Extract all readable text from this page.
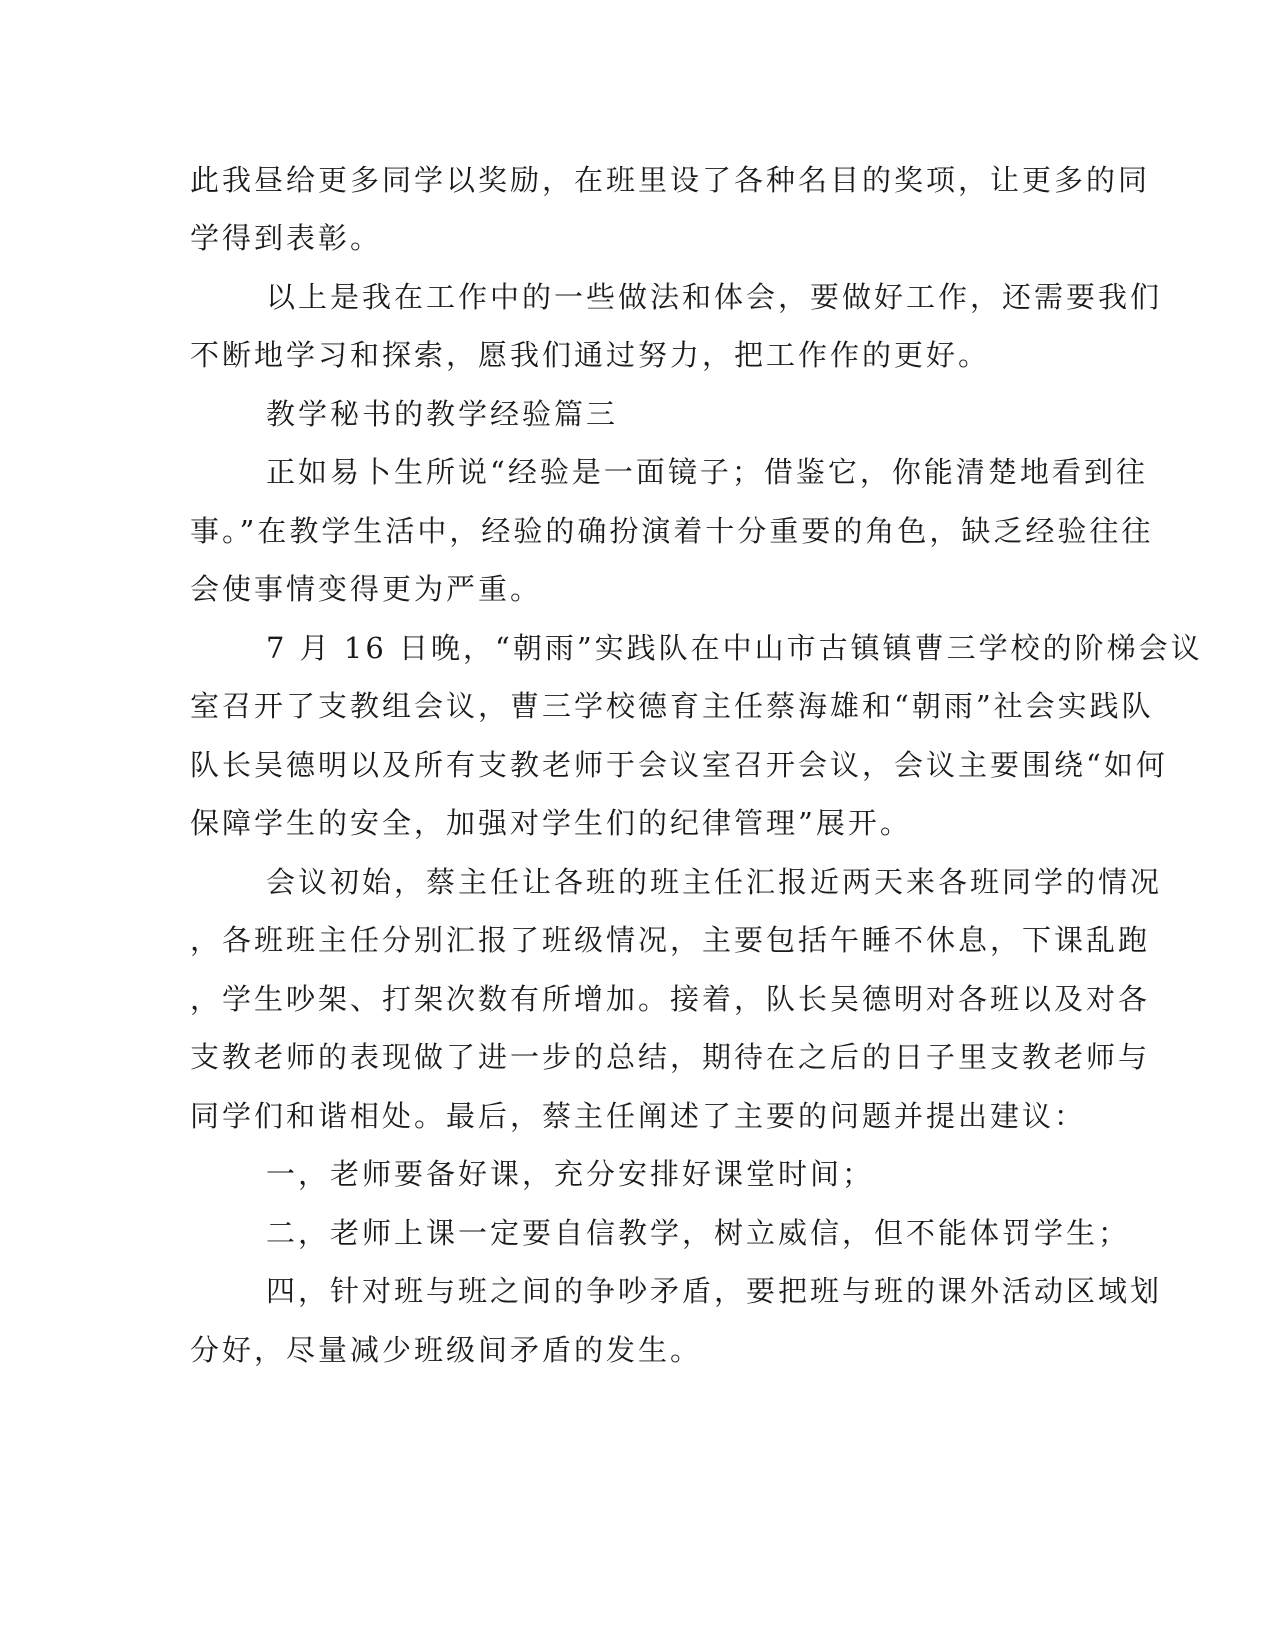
此我昼给更多同学以奖励，在班里设了各种名目的奖项，让更多的同
学得到表彰。
以上是我在工作中的一些做法和体会，要做好工作，还需要我们
不断地学习和探索，愿我们通过努力，把工作作的更好。
教学秘书的教学经验篇三
正如易卜生所说“经验是一面镜子；借鉴它，你能清楚地看到往
事。”在教学生活中，经验的确扮演着十分重要的角色，缺乏经验往往
会使事情变得更为严重。
7 月 16 日晚，“朝雨”实践队在中山市古镇镇曹三学校的阶梯会议
室召开了支教组会议，曹三学校德育主任蔡海雄和“朝雨”社会实践队
队长吴德明以及所有支教老师于会议室召开会议，会议主要围绕“如何
保障学生的安全，加强对学生们的纪律管理”展开。
会议初始，蔡主任让各班的班主任汇报近两天来各班同学的情况
，各班班主任分别汇报了班级情况，主要包括午睡不休息，下课乱跑
，学生吵架、打架次数有所增加。接着，队长吴德明对各班以及对各
支教老师的表现做了进一步的总结，期待在之后的日子里支教老师与
同学们和谐相处。最后，蔡主任阐述了主要的问题并提出建议：
一，老师要备好课，充分安排好课堂时间；
二，老师上课一定要自信教学，树立威信，但不能体罚学生；
四，针对班与班之间的争吵矛盾，要把班与班的课外活动区域划
分好，尽量减少班级间矛盾的发生。
